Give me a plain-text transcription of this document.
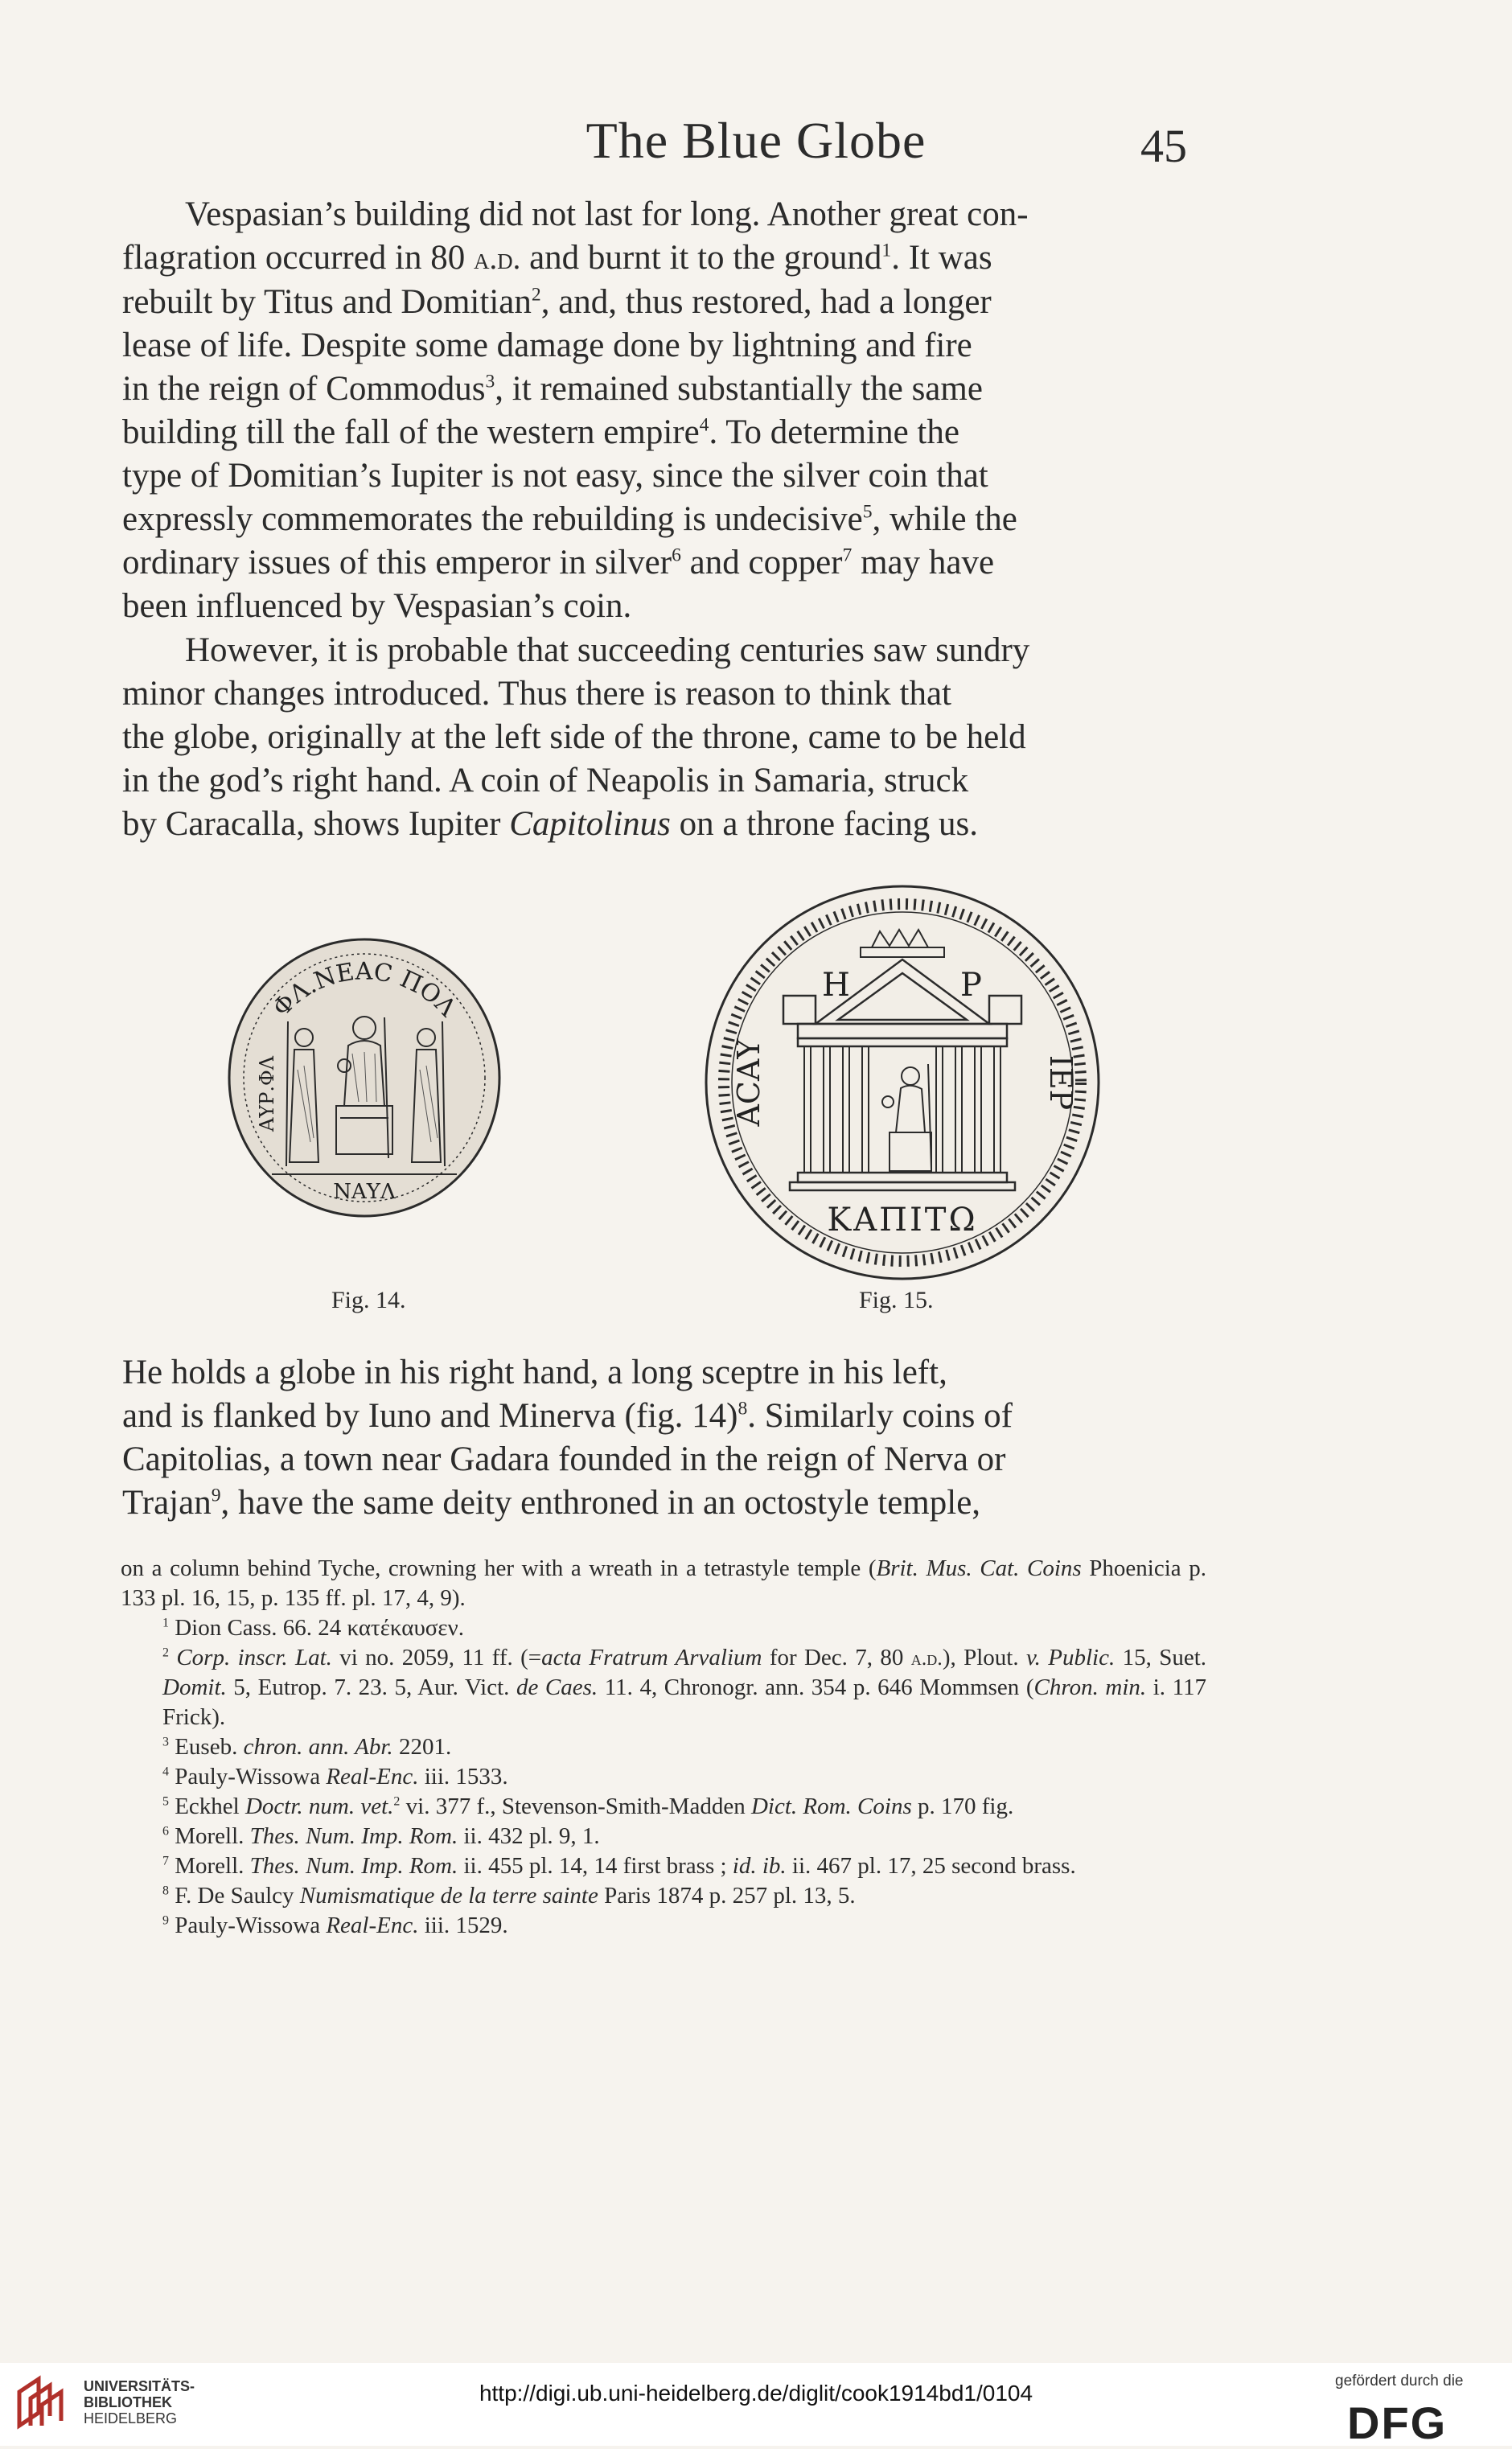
The Blue Globe	45
Vespasian’s building did not last for long. Another great con-
flagration occurred in 80 a.d. and burnt it to the ground$^1$. It was
rebuilt by Titus and Domitian$^2$, and, thus restored, had a longer
lease of life. Despite some damage done by lightning and fire
in the reign of Commodus$^3$, it remained substantially the same
building till the fall of the western empire$^4$. To determine the
type of Domitian’s Iupiter is not easy, since the silver coin that
expressly commemorates the rebuilding is undecisive$^5$, while the
ordinary issues of this emperor in silver$^6$ and copper$^7$ may have
been influenced by Vespasian’s coin.
However, it is probable that succeeding centuries saw sundry
minor changes introduced. Thus there is reason to think that
the globe, originally at the left side of the throne, came to be held
in the god’s right hand. A coin of Neapolis in Samaria, struck
by Caracalla, shows Iupiter Capitolinus on a throne facing us.
ΦΛ.ΝΕΑC ΠΟΛ
ΑΥΡ.ΦΛ
ΝΑΥΛ
Fig. 14.
Η	Ρ
ΑCΑΥ	ΙΕΡ
ΚΑΠΙΤΩ
Fig. 15.
He holds a globe in his right hand, a long sceptre in his left,
and is flanked by Iuno and Minerva (fig. 14)$^8$. Similarly coins of
Capitolias, a town near Gadara founded in the reign of Nerva or
Trajan$^9$, have the same deity enthroned in an octostyle temple,

on a column behind Tyche, crowning her with a wreath in a tetrastyle temple (Brit. Mus. Cat. Coins Phoenicia p. 133 pl. 16, 15, p. 135 ff. pl. 17, 4, 9).

$^1$ Dion Cass. 66. 24 κατέκαυσεν.

$^2$ Corp. inscr. Lat. vi no. 2059, 11 ff. (=acta Fratrum Arvalium for Dec. 7, 80 a.d.), Plout. v. Public. 15, Suet. Domit. 5, Eutrop. 7. 23. 5, Aur. Vict. de Caes. 11. 4, Chronogr. ann. 354 p. 646 Mommsen (Chron. min. i. 117 Frick).

$^3$ Euseb. chron. ann. Abr. 2201.

$^4$ Pauly-Wissowa Real-Enc. iii. 1533.

$^5$ Eckhel Doctr. num. vet.$^2$ vi. 377 f., Stevenson-Smith-Madden Dict. Rom. Coins p. 170 fig.

$^6$ Morell. Thes. Num. Imp. Rom. ii. 432 pl. 9, 1.

$^7$ Morell. Thes. Num. Imp. Rom. ii. 455 pl. 14, 14 first brass ; id. ib. ii. 467 pl. 17, 25 second brass.

$^8$ F. De Saulcy Numismatique de la terre sainte Paris 1874 p. 257 pl. 13, 5.

$^9$ Pauly-Wissowa Real-Enc. iii. 1529.

UNIVERSITÄTS-
BIBLIOTHEK
HEIDELBERG
http://digi.ub.uni-heidelberg.de/diglit/cook1914bd1/0104	gefördert durch die
DFG
